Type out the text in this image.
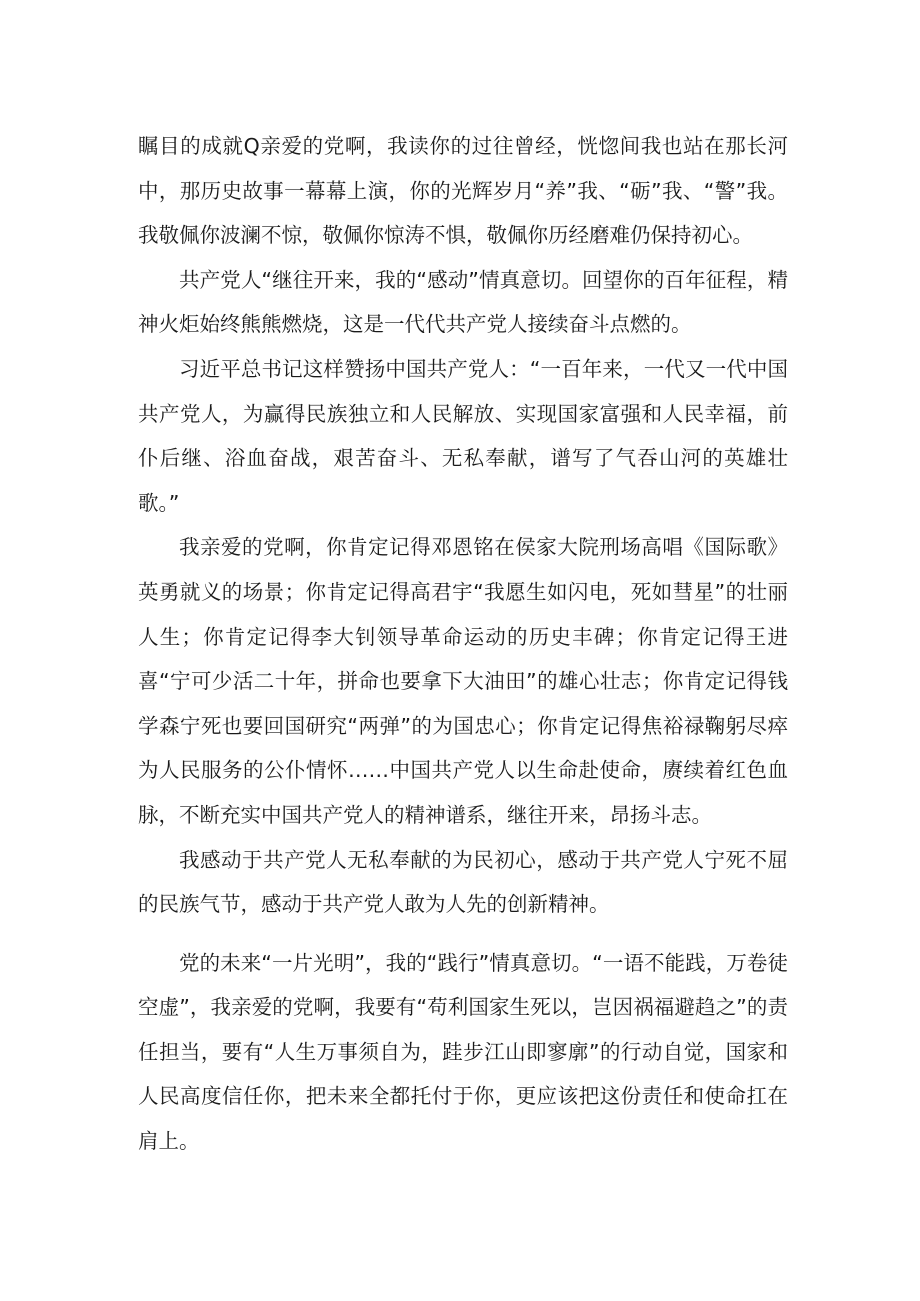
瞩目的成就Q亲爱的党啊，我读你的过往曾经，恍惚间我也站在那长河中，那历史故事一幕幕上演，你的光辉岁月“养”我、“砺”我、“警”我。我敬佩你波澜不惊，敬佩你惊涛不惧，敬佩你历经磨难仍保持初心。

共产党人“继往开来，我的“感动”情真意切。回望你的百年征程，精神火炬始终熊熊燃烧，这是一代代共产党人接续奋斗点燃的。

习近平总书记这样赞扬中国共产党人：“一百年来，一代又一代中国共产党人，为赢得民族独立和人民解放、实现国家富强和人民幸福，前仆后继、浴血奋战，艰苦奋斗、无私奉献，谱写了气吞山河的英雄壮歌。”

我亲爱的党啊，你肯定记得邓恩铭在侯家大院刑场高唱《国际歌》英勇就义的场景；你肯定记得高君宇“我愿生如闪电，死如彗星”的壮丽人生；你肯定记得李大钊领导革命运动的历史丰碑；你肯定记得王进喜“宁可少活二十年，拼命也要拿下大油田”的雄心壮志；你肯定记得钱学森宁死也要回国研究“两弹”的为国忠心；你肯定记得焦裕禄鞠躬尽瘁为人民服务的公仆情怀……中国共产党人以生命赴使命，赓续着红色血脉，不断充实中国共产党人的精神谱系，继往开来，昂扬斗志。

我感动于共产党人无私奉献的为民初心，感动于共产党人宁死不屈的民族气节，感动于共产党人敢为人先的创新精神。

党的未来“一片光明”，我的“践行”情真意切。“一语不能践，万卷徒空虚”，我亲爱的党啊，我要有“苟利国家生死以，岂因祸福避趋之”的责任担当，要有“人生万事须自为，跬步江山即寥廓”的行动自觉，国家和人民高度信任你，把未来全都托付于你，更应该把这份责任和使命扛在肩上。
